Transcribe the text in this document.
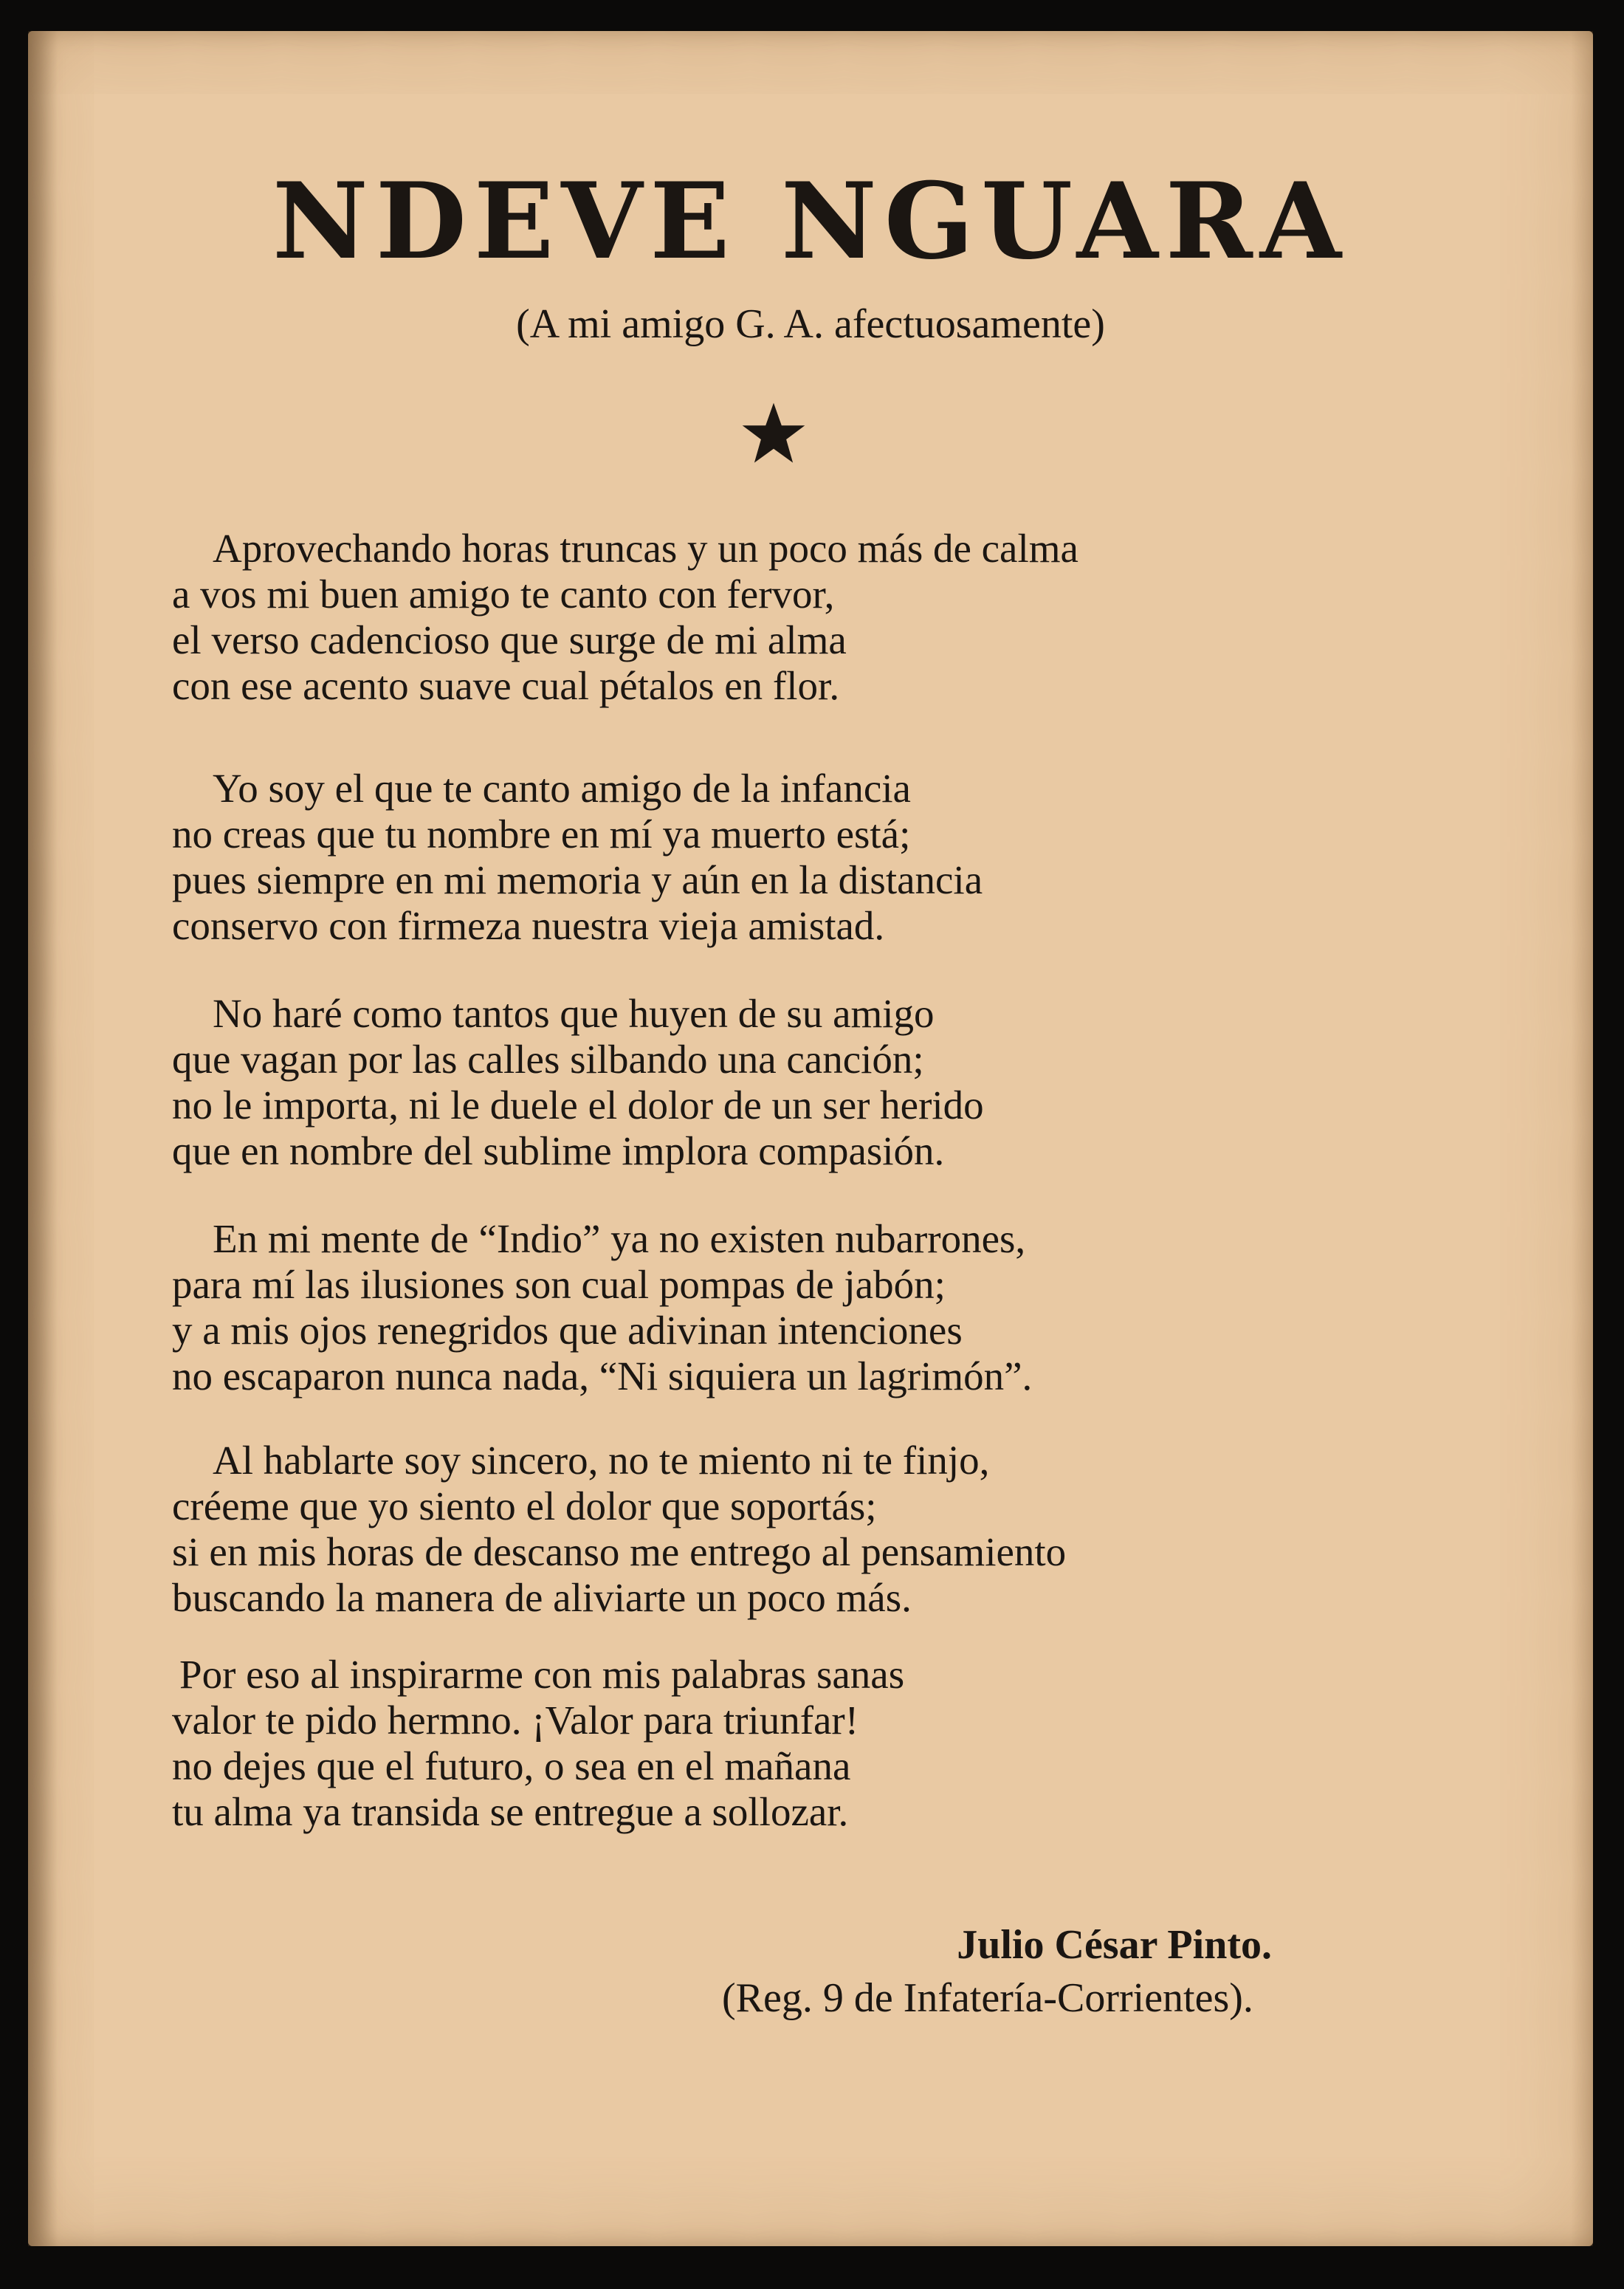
NDEVE NGUARA

(A mi amigo G. A. afectuosamente)

Aprovechando horas truncas y un poco más de calma
a vos mi buen amigo te canto con fervor,
el verso cadencioso que surge de mi alma
con ese acento suave cual pétalos en flor.
Yo soy el que te canto amigo de la infancia
no creas que tu nombre en mí ya muerto está;
pues siempre en mi memoria y aún en la distancia
conservo con firmeza nuestra vieja amistad.
No haré como tantos que huyen de su amigo
que vagan por las calles silbando una canción;
no le importa, ni le duele el dolor de un ser herido
que en nombre del sublime implora compasión.
En mi mente de “Indio” ya no existen nubarrones,
para mí las ilusiones son cual pompas de jabón;
y a mis ojos renegridos que adivinan intenciones
no escaparon nunca nada, “Ni siquiera un lagrimón”.
Al hablarte soy sincero, no te miento ni te finjo,
créeme que yo siento el dolor que soportás;
si en mis horas de descanso me entrego al pensamiento
buscando la manera de aliviarte un poco más.
Por eso al inspirarme con mis palabras sanas
valor te pido hermno. ¡Valor para triunfar!
no dejes que el futuro, o sea en el mañana
tu alma ya transida se entregue a sollozar.

Julio César Pinto.

(Reg. 9 de Infatería-Corrientes).
